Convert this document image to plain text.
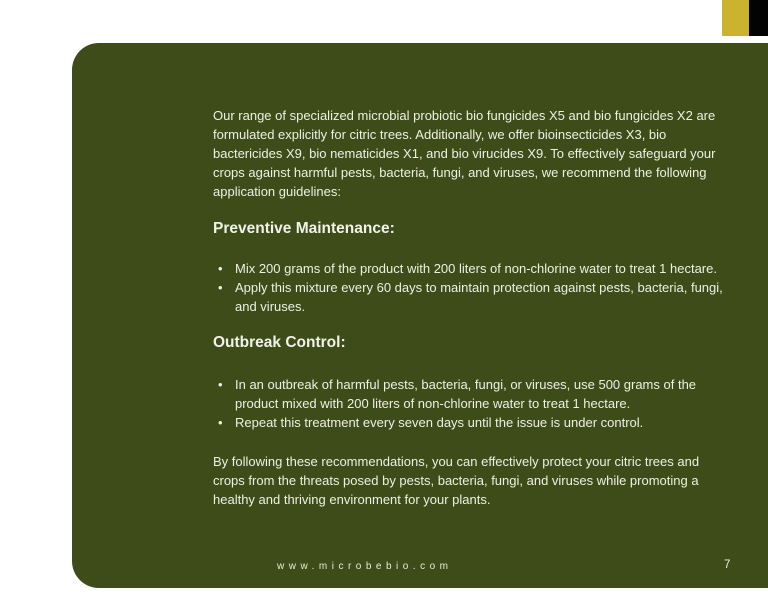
Our range of specialized microbial probiotic bio fungicides X5 and bio fungicides X2 are formulated explicitly for citric trees. Additionally, we offer bioinsecticides X3, bio bactericides X9, bio nematicides X1, and bio virucides X9. To effectively safeguard your crops against harmful pests, bacteria, fungi, and viruses, we recommend the following application guidelines:

Preventive Maintenance:
• Mix 200 grams of the product with 200 liters of non-chlorine water to treat 1 hectare.
• Apply this mixture every 60 days to maintain protection against pests, bacteria, fungi, and viruses.
Outbreak Control:
• In an outbreak of harmful pests, bacteria, fungi, or viruses, use 500 grams of the product mixed with 200 liters of non-chlorine water to treat 1 hectare.
• Repeat this treatment every seven days until the issue is under control.

By following these recommendations, you can effectively protect your citric trees and crops from the threats posed by pests, bacteria, fungi, and viruses while promoting a healthy and thriving environment for your plants.

www.microbebio.com	7
